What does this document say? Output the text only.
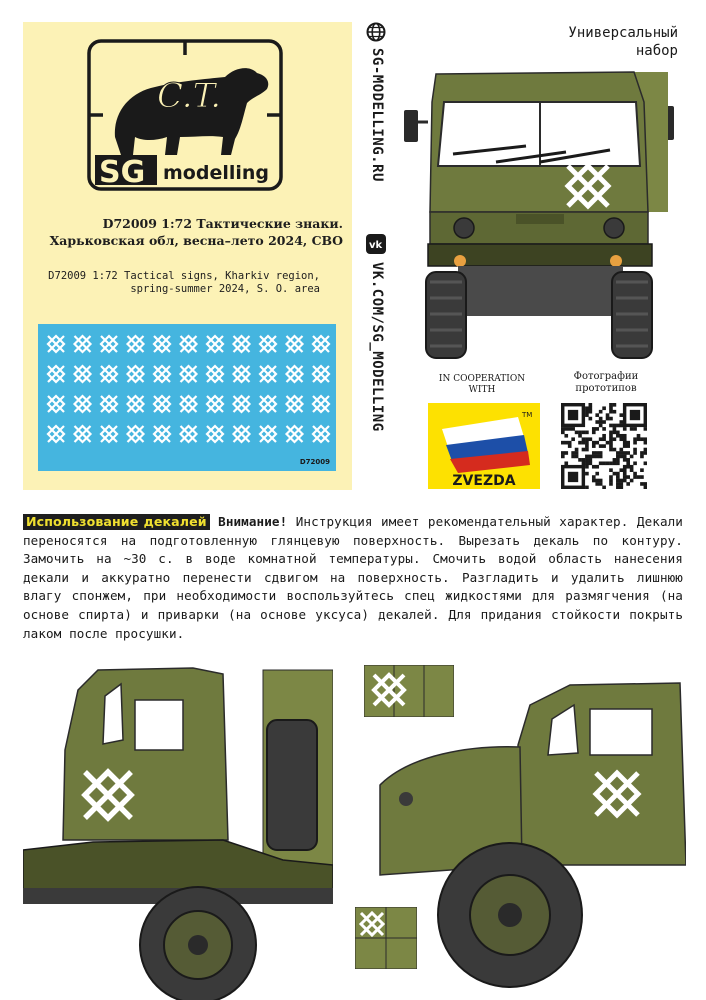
C.T.
SG modelling
D72009 1:72 Тактические знаки.
Харьковская обл, весна–лето 2024, СВО
D72009 1:72 Tactical signs, Kharkiv region,
spring-summer 2024, S. O. area
D72009
SG-MODELLING.RU
vk
VK.COM/SG_MODELLING
Универсальный
набор
IN COOPERATION
WITH
TM
ZVEZDA
Фотографии
прототипов
Использование декалей Внимание! Инструкция имеет рекомендательный характер. Декали переносятся на подготовленную глянцевую поверхность. Вырезать декаль по контуру. Замочить на ~30 с. в воде комнатной температуры. Смочить водой область нанесения декали и аккуратно перенести сдвигом на поверхность. Разгладить и удалить лишнюю влагу спонжем, при необходимости воспользуйтесь спец жидкостями для размягчения (на основе спирта) и приварки (на основе уксуса) декалей. Для придания стойкости покрыть лаком после просушки.
